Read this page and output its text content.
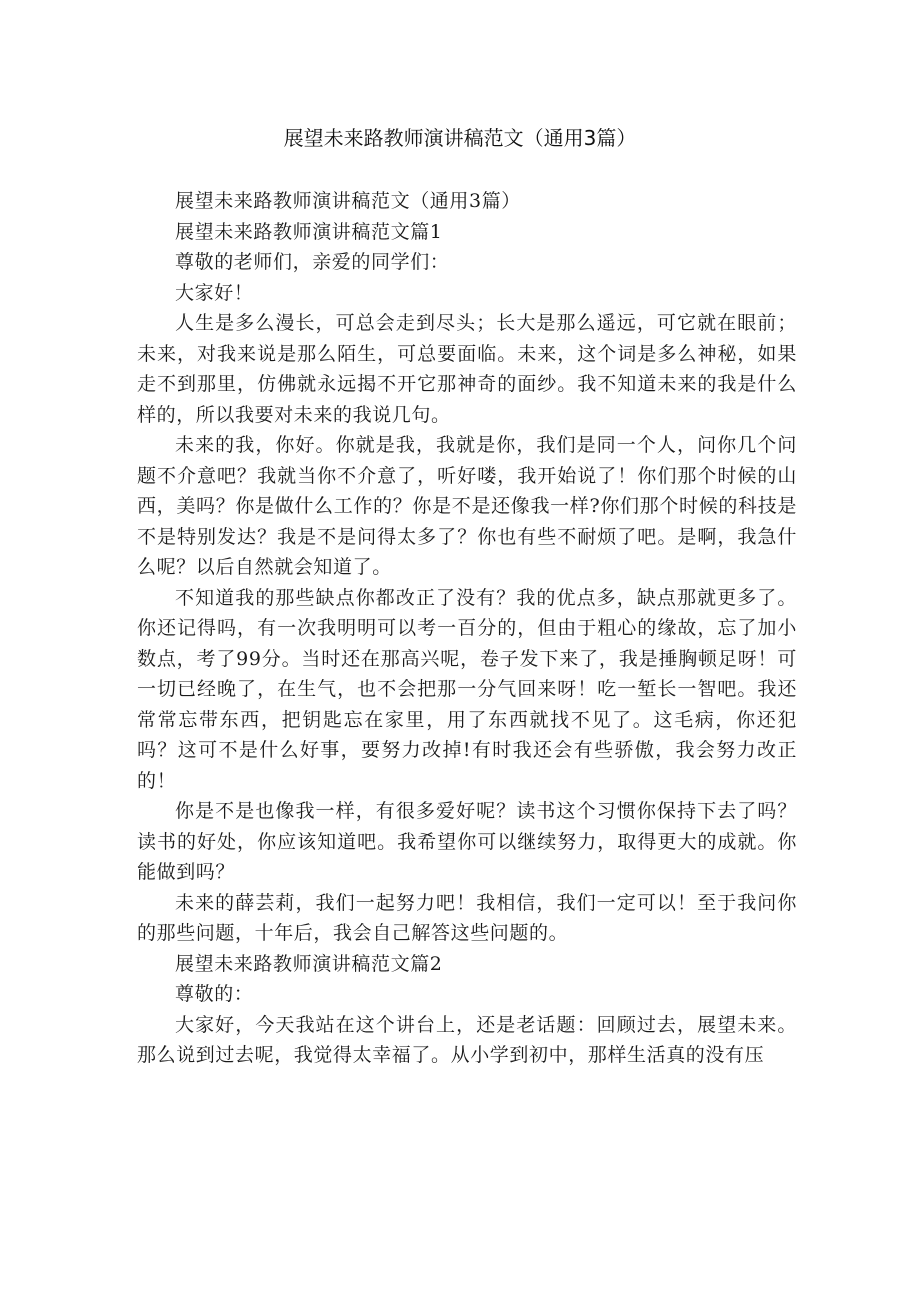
展望未来路教师演讲稿范文（通用3篇）

展望未来路教师演讲稿范文（通用3篇）

展望未来路教师演讲稿范文篇1

尊敬的老师们，亲爱的同学们：

大家好！

人生是多么漫长，可总会走到尽头；长大是那么遥远，可它就在眼前；未来，对我来说是那么陌生，可总要面临。未来，这个词是多么神秘，如果走不到那里，仿佛就永远揭不开它那神奇的面纱。我不知道未来的我是什么样的，所以我要对未来的我说几句。

未来的我，你好。你就是我，我就是你，我们是同一个人，问你几个问题不介意吧？我就当你不介意了，听好喽，我开始说了！你们那个时候的山西，美吗？你是做什么工作的？你是不是还像我一样?你们那个时候的科技是不是特别发达？我是不是问得太多了？你也有些不耐烦了吧。是啊，我急什么呢？以后自然就会知道了。

不知道我的那些缺点你都改正了没有？我的优点多，缺点那就更多了。你还记得吗，有一次我明明可以考一百分的，但由于粗心的缘故，忘了加小数点，考了99分。当时还在那高兴呢，卷子发下来了，我是捶胸顿足呀！可一切已经晚了，在生气，也不会把那一分气回来呀！吃一堑长一智吧。我还常常忘带东西，把钥匙忘在家里，用了东西就找不见了。这毛病，你还犯吗？这可不是什么好事，要努力改掉!有时我还会有些骄傲，我会努力改正的！

你是不是也像我一样，有很多爱好呢？读书这个习惯你保持下去了吗？读书的好处，你应该知道吧。我希望你可以继续努力，取得更大的成就。你能做到吗？

未来的薛芸莉，我们一起努力吧！我相信，我们一定可以！至于我问你的那些问题，十年后，我会自己解答这些问题的。

展望未来路教师演讲稿范文篇2

尊敬的：

大家好，今天我站在这个讲台上，还是老话题：回顾过去，展望未来。那么说到过去呢，我觉得太幸福了。从小学到初中，那样生活真的没有压
